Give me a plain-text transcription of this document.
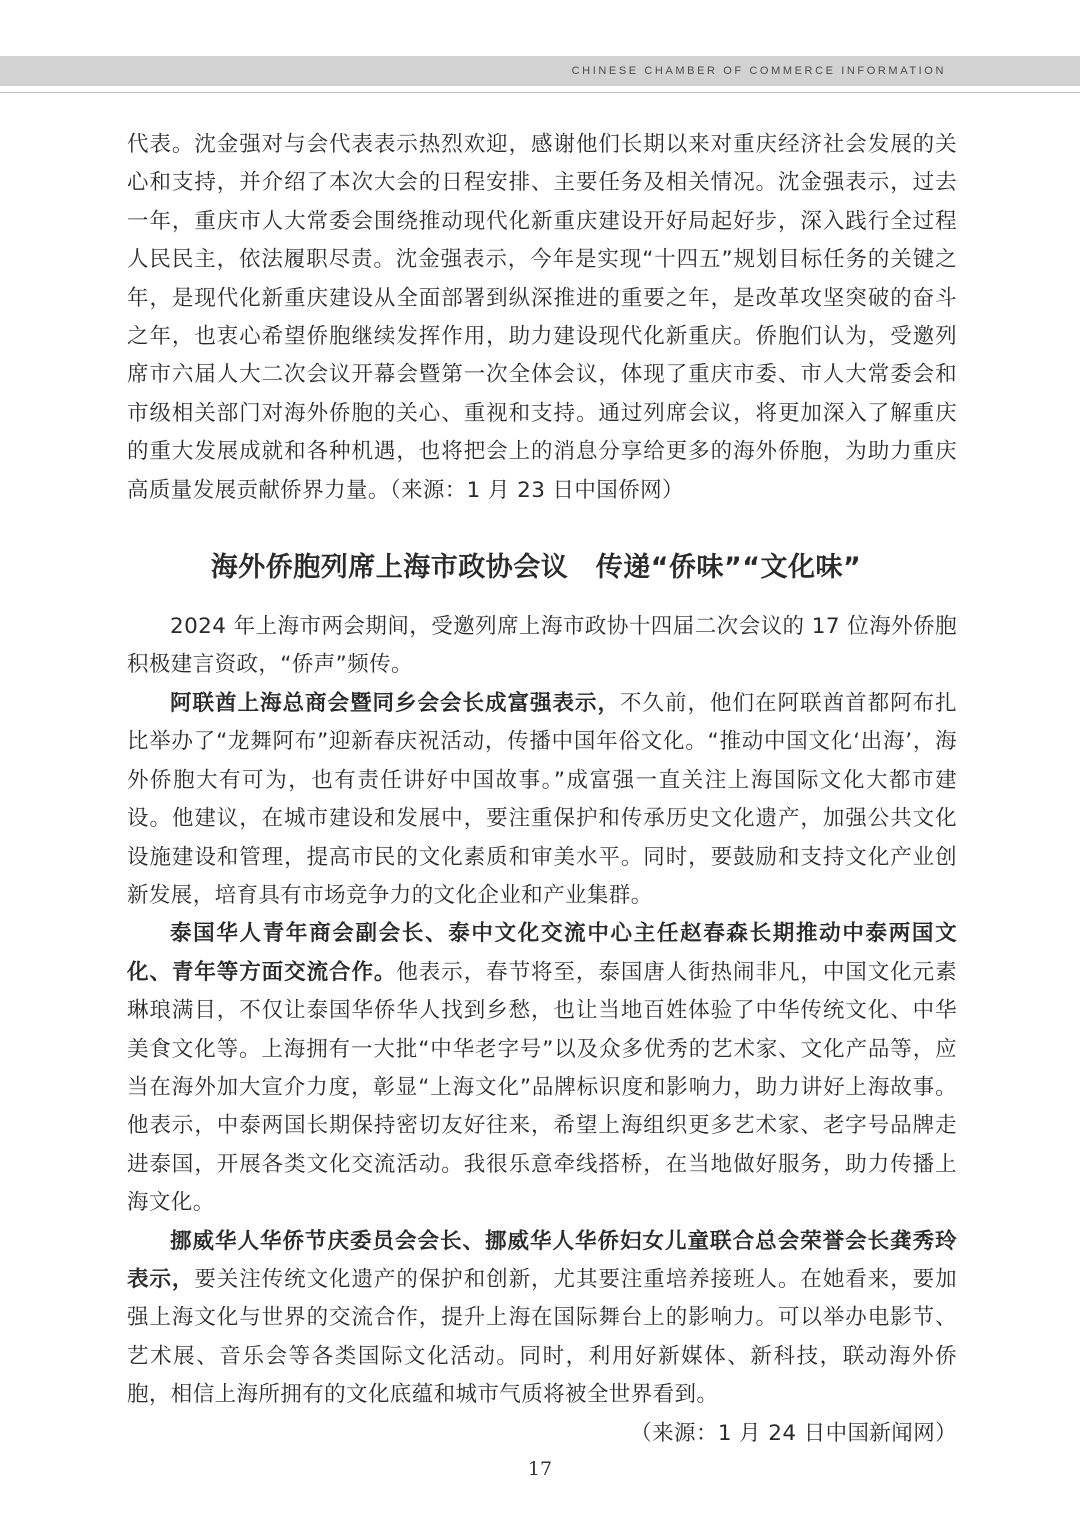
CHINESE CHAMBER OF COMMERCE INFORMATION

代表。沈金强对与会代表表示热烈欢迎，感谢他们长期以来对重庆经济社会发展的关心和支持，并介绍了本次大会的日程安排、主要任务及相关情况。沈金强表示，过去一年，重庆市人大常委会围绕推动现代化新重庆建设开好局起好步，深入践行全过程人民民主，依法履职尽责。沈金强表示，今年是实现“十四五”规划目标任务的关键之年，是现代化新重庆建设从全面部署到纵深推进的重要之年，是改革攻坚突破的奋斗之年，也衷心希望侨胞继续发挥作用，助力建设现代化新重庆。侨胞们认为，受邀列席市六届人大二次会议开幕会暨第一次全体会议，体现了重庆市委、市人大常委会和市级相关部门对海外侨胞的关心、重视和支持。通过列席会议，将更加深入了解重庆的重大发展成就和各种机遇，也将把会上的消息分享给更多的海外侨胞，为助力重庆高质量发展贡献侨界力量。（来源：1 月 23 日中国侨网）

海外侨胞列席上海市政协会议　传递“侨味”“文化味”

2024 年上海市两会期间，受邀列席上海市政协十四届二次会议的 17 位海外侨胞积极建言资政，“侨声”频传。

阿联酋上海总商会暨同乡会会长成富强表示，不久前，他们在阿联酋首都阿布扎比举办了“龙舞阿布”迎新春庆祝活动，传播中国年俗文化。“推动中国文化‘出海’，海外侨胞大有可为，也有责任讲好中国故事。”成富强一直关注上海国际文化大都市建设。他建议，在城市建设和发展中，要注重保护和传承历史文化遗产，加强公共文化设施建设和管理，提高市民的文化素质和审美水平。同时，要鼓励和支持文化产业创新发展，培育具有市场竞争力的文化企业和产业集群。

泰国华人青年商会副会长、泰中文化交流中心主任赵春森长期推动中泰两国文化、青年等方面交流合作。他表示，春节将至，泰国唐人街热闹非凡，中国文化元素琳琅满目，不仅让泰国华侨华人找到乡愁，也让当地百姓体验了中华传统文化、中华美食文化等。上海拥有一大批“中华老字号”以及众多优秀的艺术家、文化产品等，应当在海外加大宣介力度，彰显“上海文化”品牌标识度和影响力，助力讲好上海故事。他表示，中泰两国长期保持密切友好往来，希望上海组织更多艺术家、老字号品牌走进泰国，开展各类文化交流活动。我很乐意牵线搭桥，在当地做好服务，助力传播上海文化。

挪威华人华侨节庆委员会会长、挪威华人华侨妇女儿童联合总会荣誉会长龚秀玲表示，要关注传统文化遗产的保护和创新，尤其要注重培养接班人。在她看来，要加强上海文化与世界的交流合作，提升上海在国际舞台上的影响力。可以举办电影节、艺术展、音乐会等各类国际文化活动。同时，利用好新媒体、新科技，联动海外侨胞，相信上海所拥有的文化底蕴和城市气质将被全世界看到。

（来源：1 月 24 日中国新闻网）

17
